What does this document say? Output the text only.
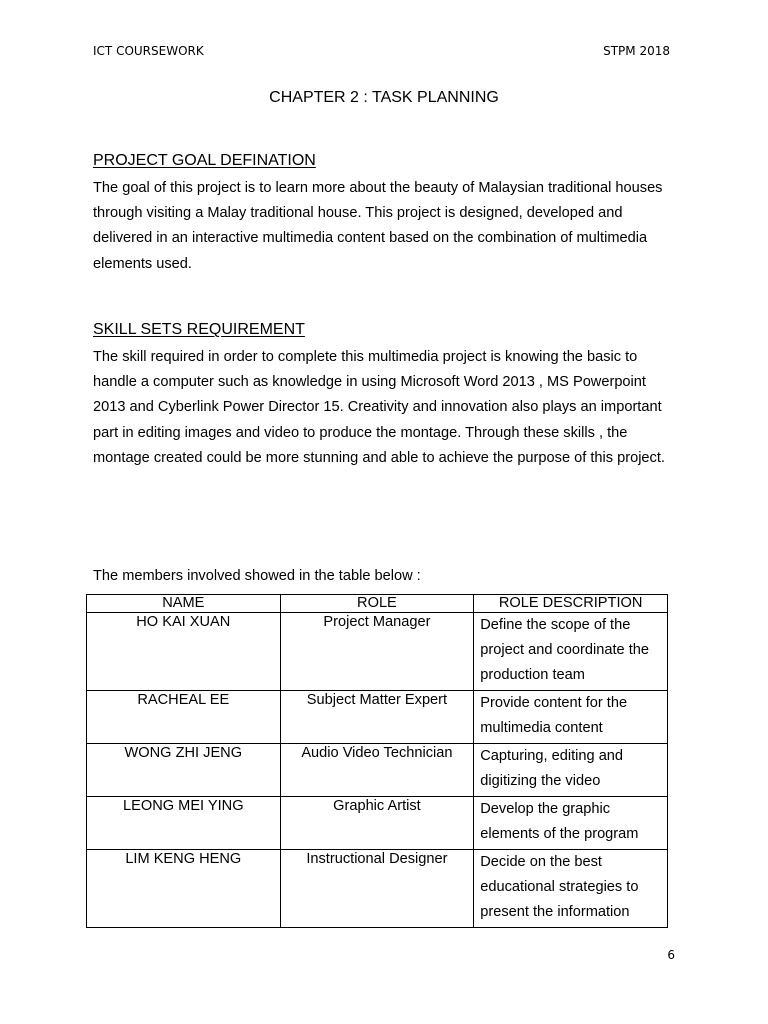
ICT COURSEWORK	STPM 2018
CHAPTER 2 : TASK PLANNING
PROJECT GOAL DEFINATION

The goal of this project is to learn more about the beauty of Malaysian traditional houses through visiting a Malay traditional house. This project is designed, developed and delivered in an interactive multimedia content based on the combination of multimedia elements used.

SKILL SETS REQUIREMENT

The skill required in order to complete this multimedia project is knowing the basic to handle a computer such as knowledge in using Microsoft Word 2013 , MS Powerpoint 2013 and Cyberlink Power Director 15. Creativity and innovation also plays an important part in editing images and video to produce the montage. Through these skills , the montage created could be more stunning and able to achieve the purpose of this project.

The members involved showed in the table below :
NAME	ROLE	ROLE DESCRIPTION
HO KAI XUAN	Project Manager	Define the scope of the project and coordinate the production team
RACHEAL EE	Subject Matter Expert	Provide content for the multimedia content
WONG ZHI JENG	Audio Video Technician	Capturing, editing and digitizing the video
LEONG MEI YING	Graphic Artist	Develop the graphic elements of the program
LIM KENG HENG	Instructional Designer	Decide on the best educational strategies to present the information
6
